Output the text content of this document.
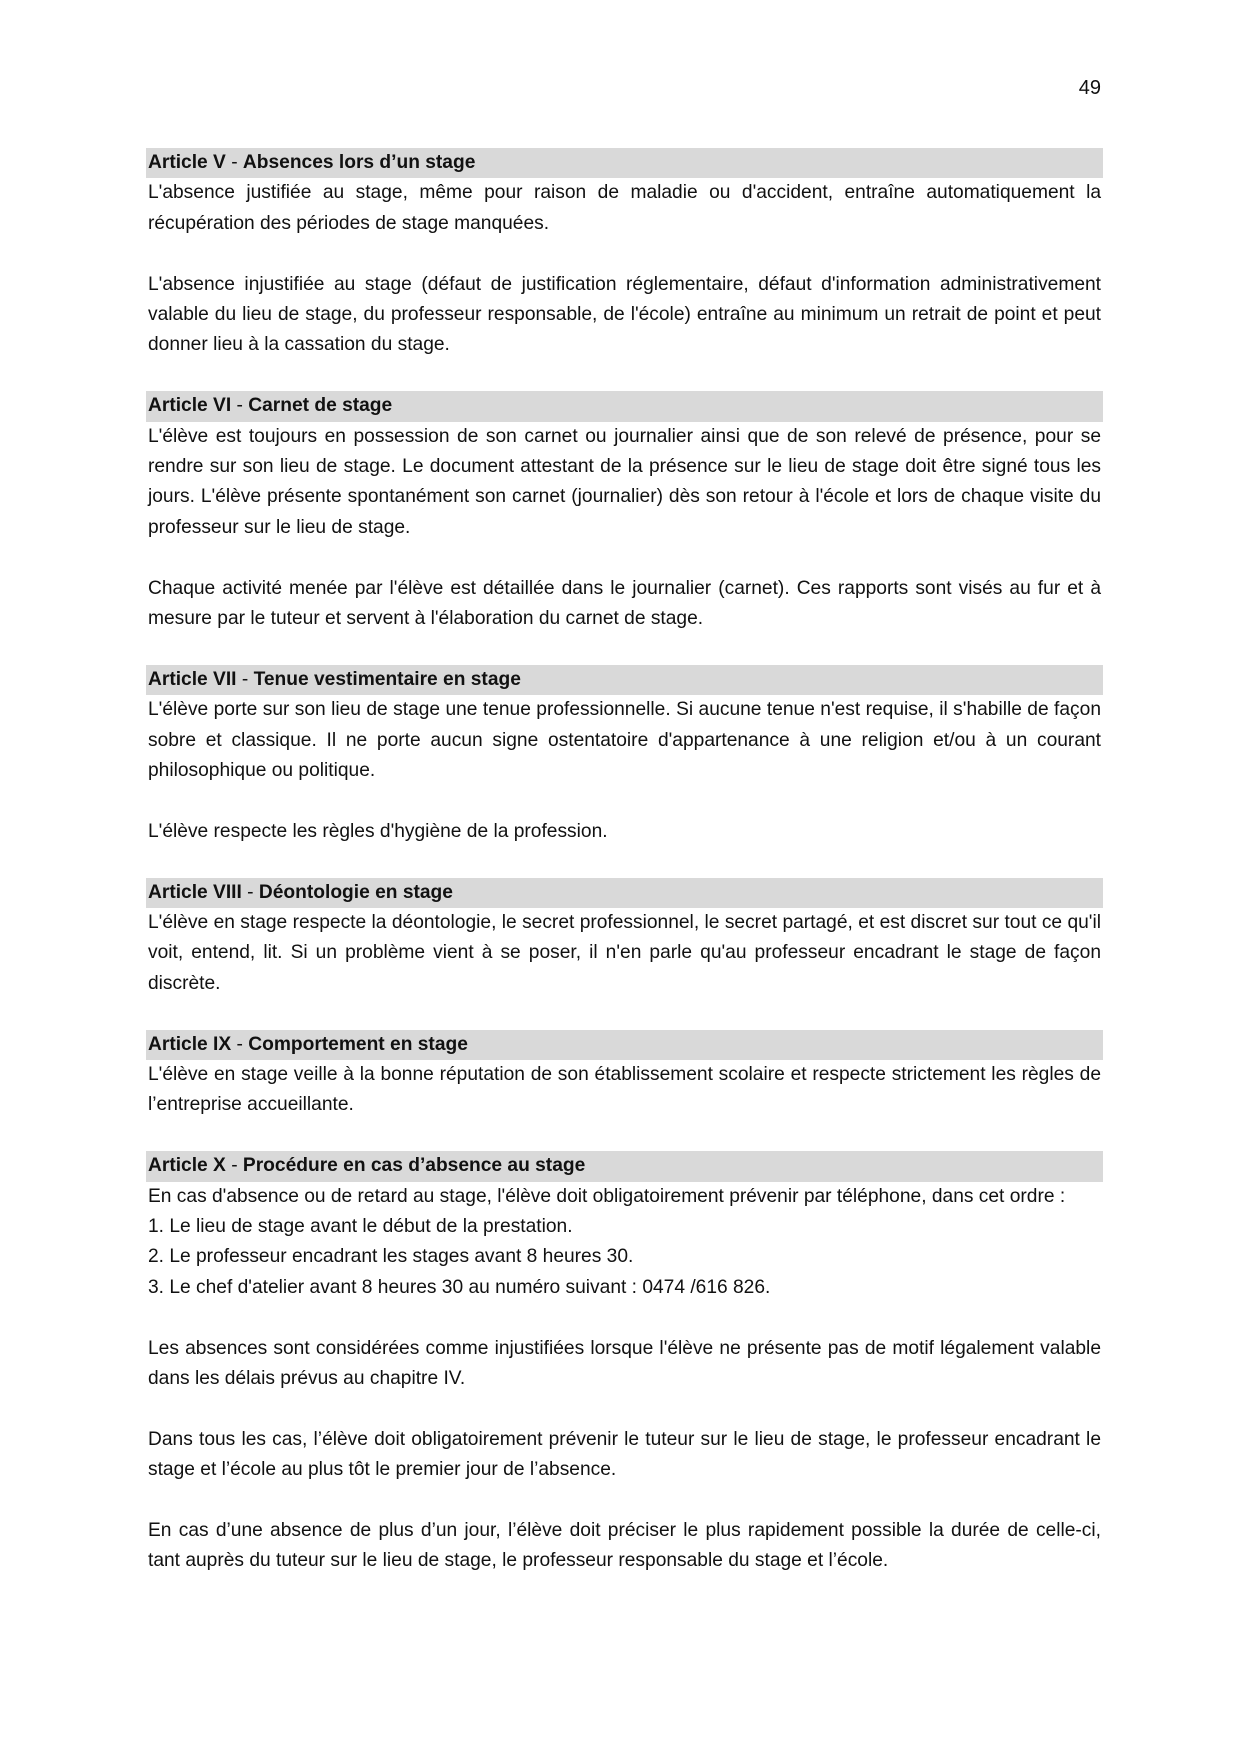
49
Article V - Absences lors d’un stage

L'absence justifiée au stage, même pour raison de maladie ou d'accident, entraîne automatiquement la récupération des périodes de stage manquées.

L'absence injustifiée au stage (défaut de justification réglementaire, défaut d'information administrativement valable du lieu de stage, du professeur responsable, de l'école) entraîne au minimum un retrait de point et peut donner lieu à la cassation du stage.

Article VI - Carnet de stage

L'élève est toujours en possession de son carnet ou journalier ainsi que de son relevé de présence, pour se rendre sur son lieu de stage. Le document attestant de la présence sur le lieu de stage doit être signé tous les jours. L'élève présente spontanément son carnet (journalier) dès son retour à l'école et lors de chaque visite du professeur sur le lieu de stage.

Chaque activité menée par l'élève est détaillée dans le journalier (carnet). Ces rapports sont visés au fur et à mesure par le tuteur et servent à l'élaboration du carnet de stage.

Article VII - Tenue vestimentaire en stage

L'élève porte sur son lieu de stage une tenue professionnelle. Si aucune tenue n'est requise, il s'habille de façon sobre et classique. Il ne porte aucun signe ostentatoire d'appartenance à une religion et/ou à un courant philosophique ou politique.

L'élève respecte les règles d'hygiène de la profession.

Article VIII - Déontologie en stage

L'élève en stage respecte la déontologie, le secret professionnel, le secret partagé, et est discret sur tout ce qu'il voit, entend, lit. Si un problème vient à se poser, il n'en parle qu'au professeur encadrant le stage de façon discrète.

Article IX - Comportement en stage

L'élève en stage veille à la bonne réputation de son établissement scolaire et respecte strictement les règles de l’entreprise accueillante.

Article X - Procédure en cas d’absence au stage

En cas d'absence ou de retard au stage, l'élève doit obligatoirement prévenir par téléphone, dans cet ordre :

1. Le lieu de stage avant le début de la prestation.
2. Le professeur encadrant les stages avant 8 heures 30.
3. Le chef d'atelier avant 8 heures 30 au numéro suivant : 0474 /616 826.

Les absences sont considérées comme injustifiées lorsque l'élève ne présente pas de motif légalement valable dans les délais prévus au chapitre IV.

Dans tous les cas, l’élève doit obligatoirement prévenir le tuteur sur le lieu de stage, le professeur encadrant le stage et l’école au plus tôt le premier jour de l’absence.

En cas d’une absence de plus d’un jour, l’élève doit préciser le plus rapidement possible la durée de celle-ci, tant auprès du tuteur sur le lieu de stage, le professeur responsable du stage et l’école.
